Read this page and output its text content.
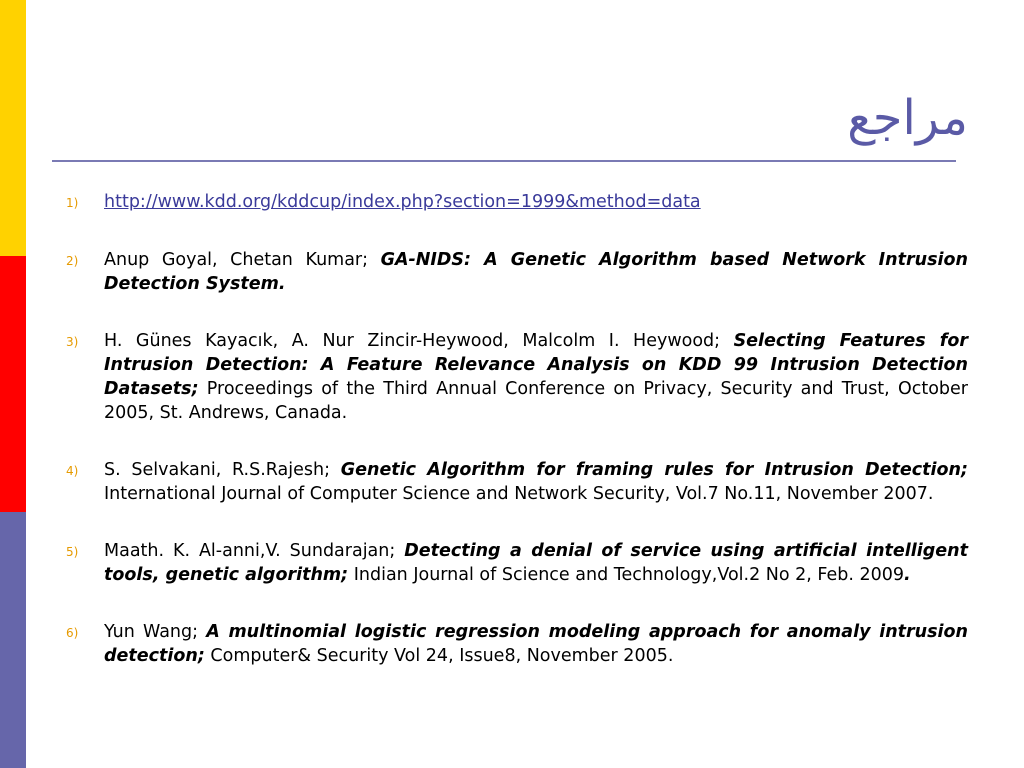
مراجع
1)	http://www.kdd.org/kddcup/index.php?section=1999&method=data
2)	Anup Goyal, Chetan Kumar; GA-NIDS: A Genetic Algorithm based Network Intrusion Detection System.
3)	H. Günes Kayacık, A. Nur Zincir-Heywood, Malcolm I. Heywood; Selecting Features for Intrusion Detection: A Feature Relevance Analysis on KDD 99 Intrusion Detection Datasets; Proceedings of the Third Annual Conference on Privacy, Security and Trust, October 2005, St. Andrews, Canada.
4)	S. Selvakani, R.S.Rajesh; Genetic Algorithm for framing rules for Intrusion Detection; International Journal of Computer Science and Network Security, Vol.7 No.11, November 2007.
5)	Maath. K. Al-anni,V. Sundarajan; Detecting a denial of service using artificial intelligent tools, genetic algorithm; Indian Journal of Science and Technology,Vol.2 No 2, Feb. 2009.
6)	Yun Wang; A multinomial logistic regression modeling approach for anomaly intrusion detection; Computer& Security Vol 24, Issue8, November 2005.
